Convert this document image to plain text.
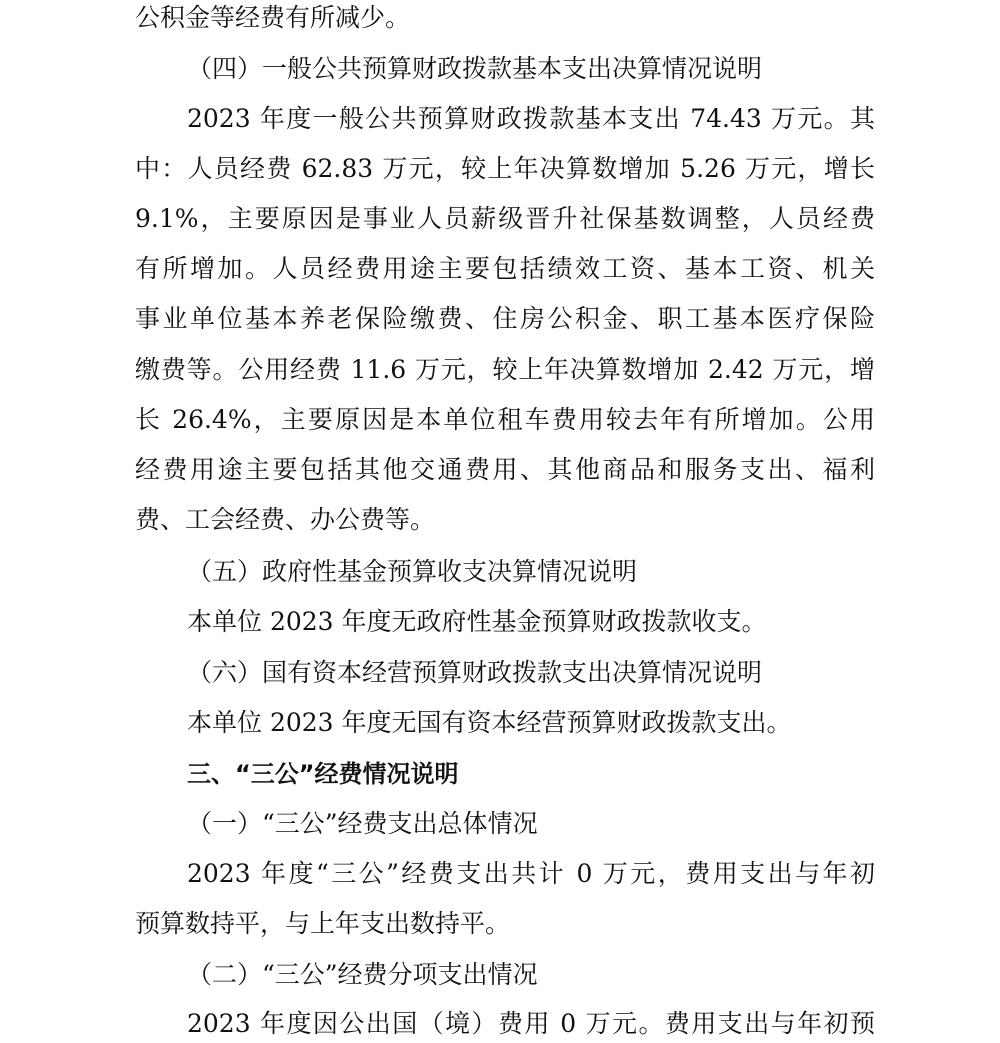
公积金等经费有所减少。
（四）一般公共预算财政拨款基本支出决算情况说明
2023 年度一般公共预算财政拨款基本支出 74.43 万元。其
中：人员经费 62.83 万元，较上年决算数增加 5.26 万元，增长
9.1%，主要原因是事业人员薪级晋升社保基数调整，人员经费
有所增加。人员经费用途主要包括绩效工资、基本工资、机关
事业单位基本养老保险缴费、住房公积金、职工基本医疗保险
缴费等。公用经费 11.6 万元，较上年决算数增加 2.42 万元，增
长 26.4%，主要原因是本单位租车费用较去年有所增加。公用
经费用途主要包括其他交通费用、其他商品和服务支出、福利
费、工会经费、办公费等。
（五）政府性基金预算收支决算情况说明
本单位 2023 年度无政府性基金预算财政拨款收支。
（六）国有资本经营预算财政拨款支出决算情况说明
本单位 2023 年度无国有资本经营预算财政拨款支出。
三、“三公”经费情况说明
（一）“三公”经费支出总体情况
2023 年度“三公”经费支出共计 0 万元，费用支出与年初
预算数持平，与上年支出数持平。
（二）“三公”经费分项支出情况
2023 年度因公出国（境）费用 0 万元。费用支出与年初预
